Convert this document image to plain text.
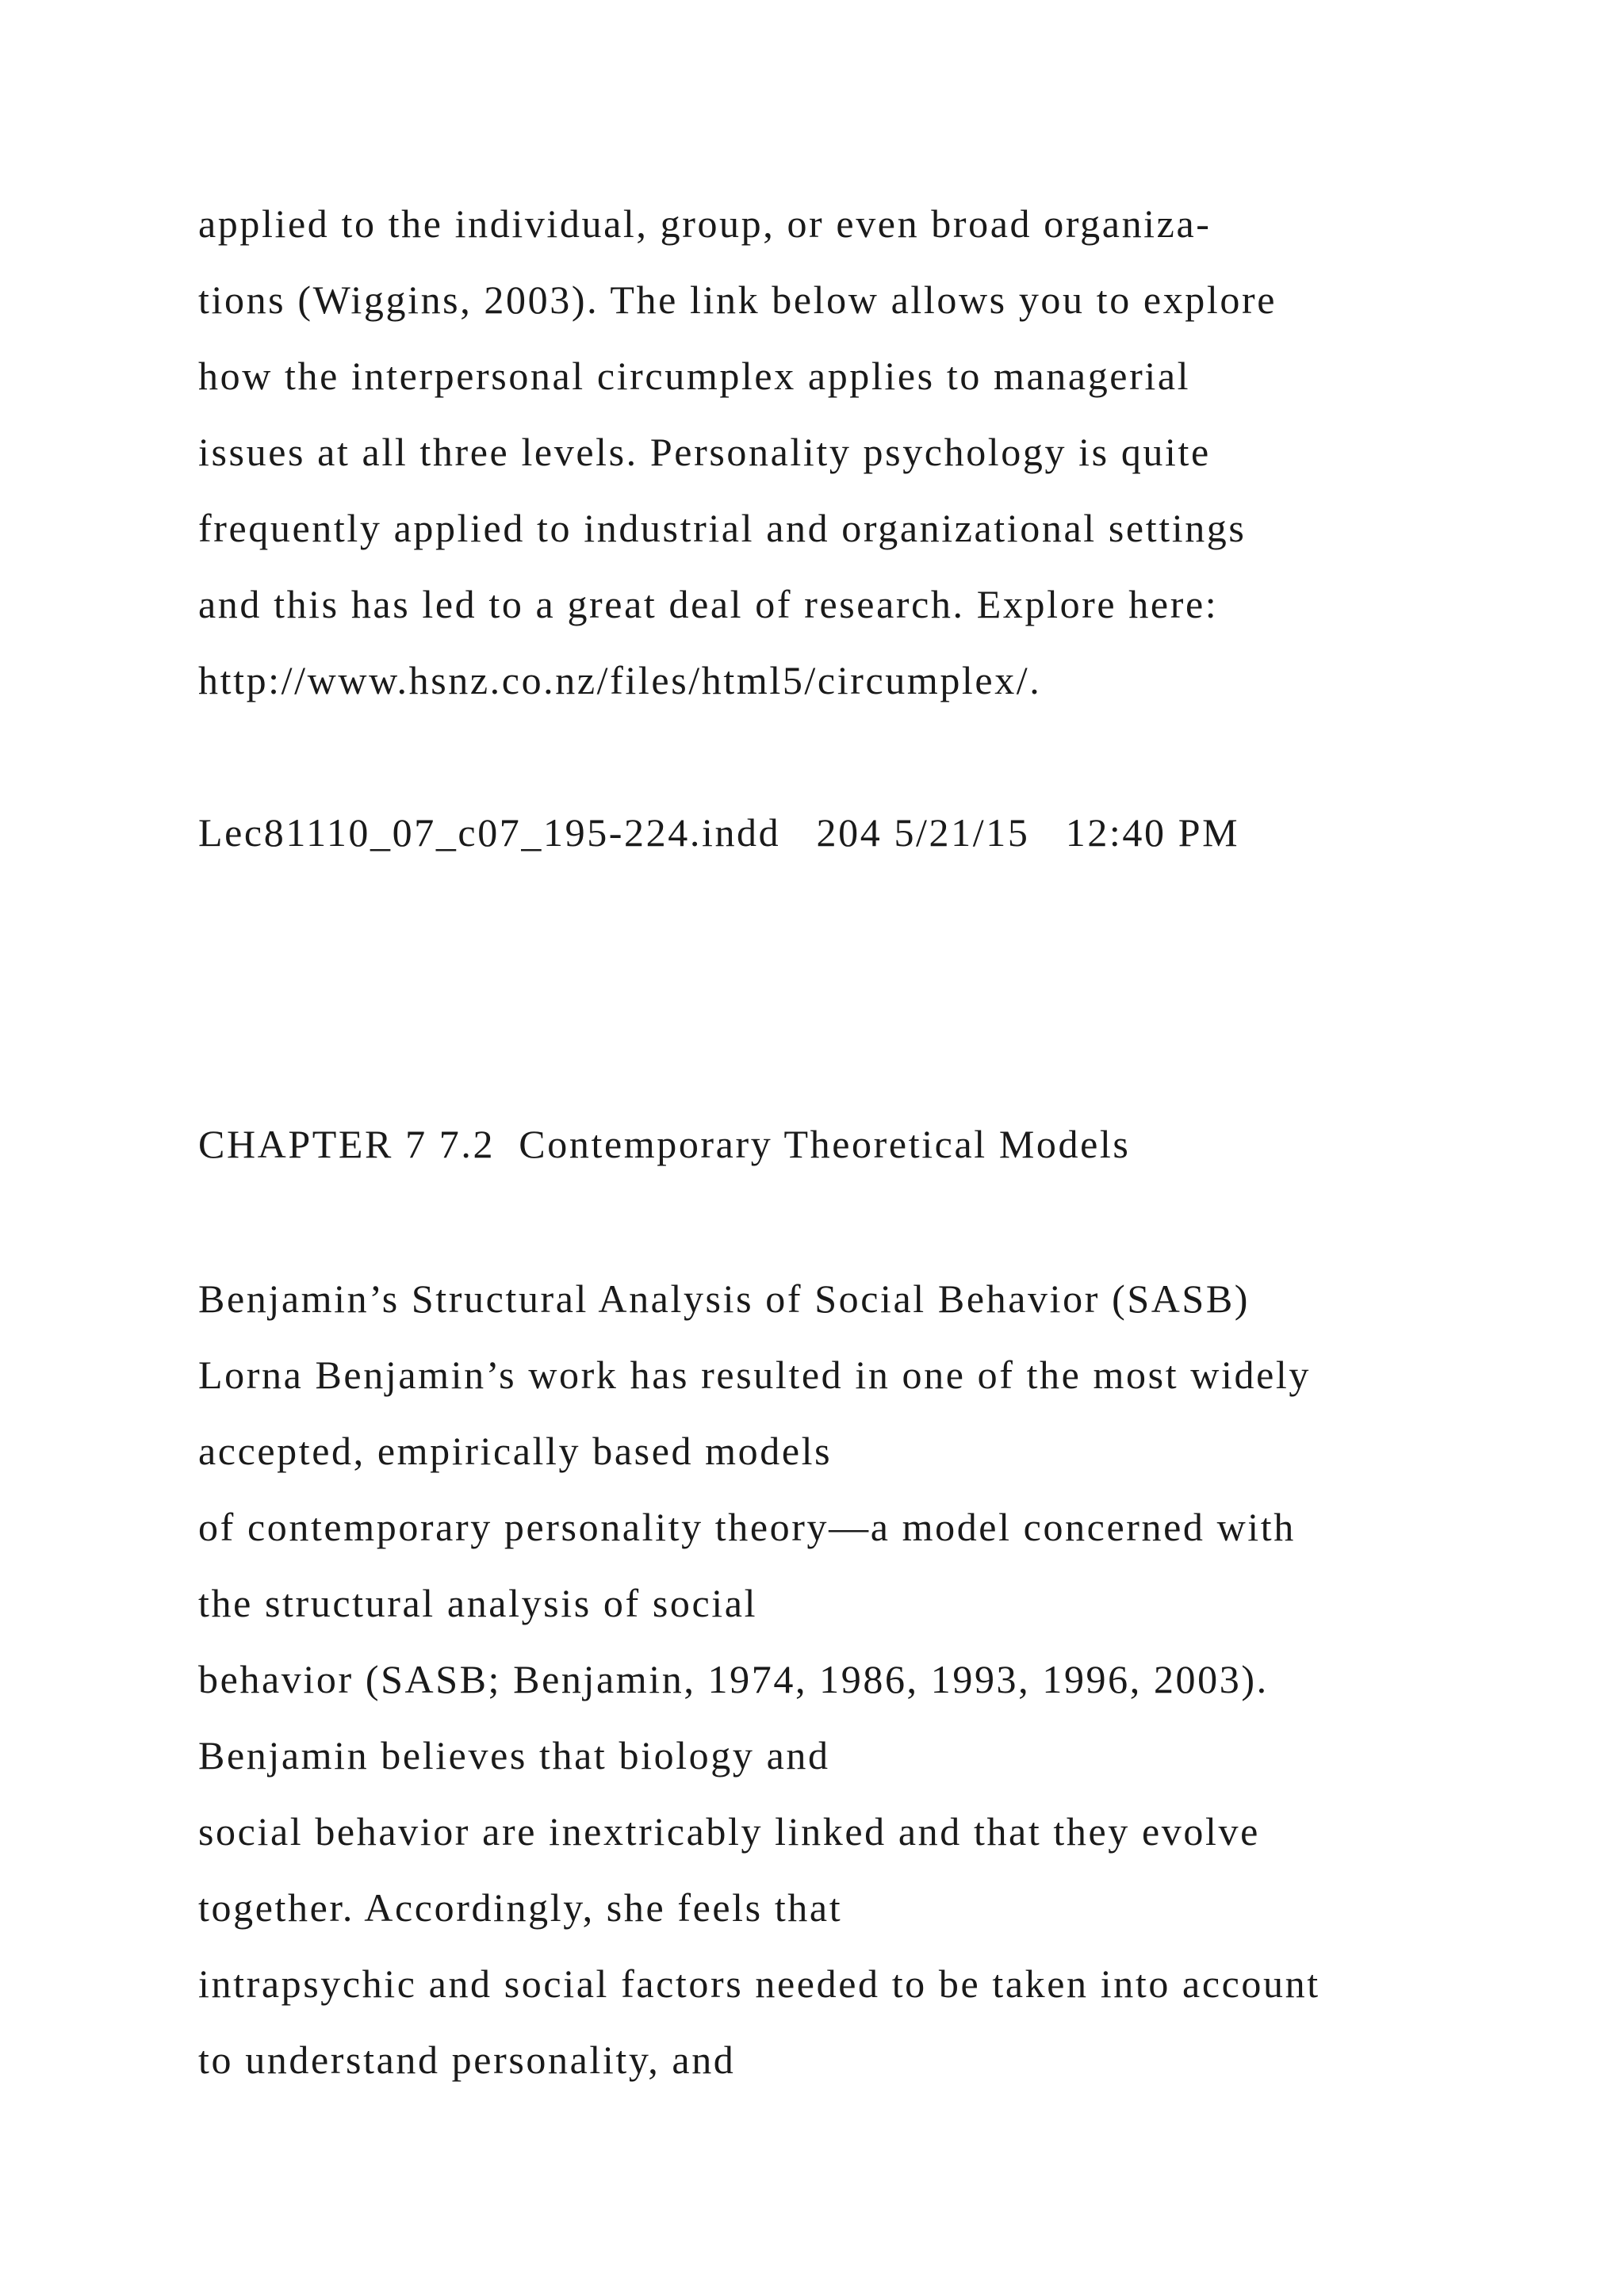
applied to the individual, group, or even broad organiza-
tions (Wiggins, 2003). The link below allows you to explore
how the interpersonal circumplex applies to managerial
issues at all three levels. Personality psychology is quite
frequently applied to industrial and organizational settings
and this has led to a great deal of research. Explore here:
http://www.hsnz.co.nz/files/html5/circumplex/.
Lec81110_07_c07_195-224.indd   204 5/21/15   12:40 PM
CHAPTER 7 7.2  Contemporary Theoretical Models
Benjamin’s Structural Analysis of Social Behavior (SASB)
Lorna Benjamin’s work has resulted in one of the most widely
accepted, empirically based models
of contemporary personality theory—a model concerned with
the structural analysis of social
behavior (SASB; Benjamin, 1974, 1986, 1993, 1996, 2003).
Benjamin believes that biology and
social behavior are inextricably linked and that they evolve
together. Accordingly, she feels that
intrapsychic and social factors needed to be taken into account
to understand personality, and
